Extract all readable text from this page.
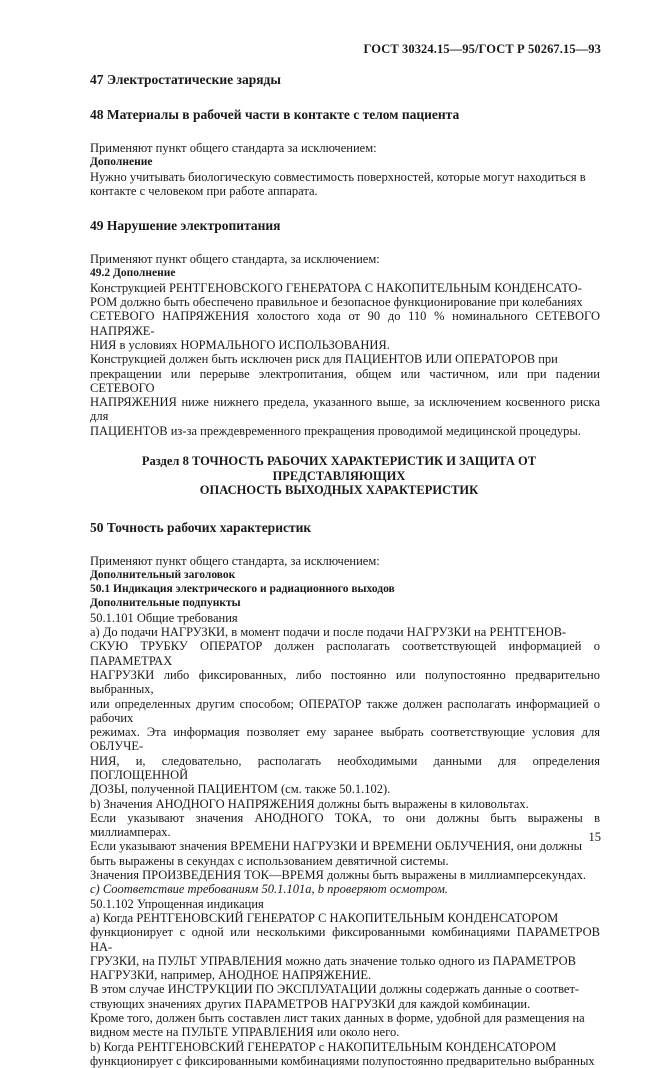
ГОСТ 30324.15—95/ГОСТ Р 50267.15—93
47 Электростатические заряды
48 Материалы в рабочей части в контакте с телом пациента

Применяют пункт общего стандарта за исключением:

Дополнение

Нужно учитывать биологическую совместимость поверхностей, которые могут находиться в

контакте с человеком при работе аппарата.

49 Нарушение электропитания

Применяют пункт общего стандарта, за исключением:

49.2 Дополнение

Конструкцией РЕНТГЕНОВСКОГО ГЕНЕРАТОРА С НАКОПИТЕЛЬНЫМ КОНДЕНСАТО-

РОМ должно быть обеспечено правильное и безопасное функционирование при колебаниях

СЕТЕВОГО НАПРЯЖЕНИЯ холостого хода от 90 до 110 % номинального СЕТЕВОГО НАПРЯЖЕ-

НИЯ в условиях НОРМАЛЬНОГО ИСПОЛЬЗОВАНИЯ.

Конструкцией должен быть исключен риск для ПАЦИЕНТОВ ИЛИ ОПЕРАТОРОВ при

прекращении или перерыве электропитания, общем или частичном, или при падении СЕТЕВОГО

НАПРЯЖЕНИЯ ниже нижнего предела, указанного выше, за исключением косвенного риска для

ПАЦИЕНТОВ из-за преждевременного прекращения проводимой медицинской процедуры.

Раздел 8 ТОЧНОСТЬ РАБОЧИХ ХАРАКТЕРИСТИК И ЗАЩИТА ОТ ПРЕДСТАВЛЯЮЩИХ
ОПАСНОСТЬ ВЫХОДНЫХ ХАРАКТЕРИСТИК
50 Точность рабочих характеристик

Применяют пункт общего стандарта, за исключением:

Дополнительный заголовок

50.1 Индикация электрического и радиационного выходов

Дополнительные подпункты

50.1.101 Общие требования

а) До подачи НАГРУЗКИ, в момент подачи и после подачи НАГРУЗКИ на РЕНТГЕНОВ-

СКУЮ ТРУБКУ ОПЕРАТОР должен располагать соответствующей информацией о ПАРАМЕТРАХ

НАГРУЗКИ либо фиксированных, либо постоянно или полупостоянно предварительно выбранных,

или определенных другим способом; ОПЕРАТОР также должен располагать информацией о рабочих

режимах. Эта информация позволяет ему заранее выбрать соответствующие условия для ОБЛУЧЕ-

НИЯ, и, следовательно, располагать необходимыми данными для определения ПОГЛОЩЕННОЙ

ДОЗЫ, полученной ПАЦИЕНТОМ (см. также 50.1.102).

b) Значения АНОДНОГО НАПРЯЖЕНИЯ должны быть выражены в киловольтах.

Если указывают значения АНОДНОГО ТОКА, то они должны быть выражены в миллиамперах.

Если указывают значения ВРЕМЕНИ НАГРУЗКИ И ВРЕМЕНИ ОБЛУЧЕНИЯ, они должны

быть выражены в секундах с использованием девятичной системы.

Значения ПРОИЗВЕДЕНИЯ ТОК—ВРЕМЯ должны быть выражены в миллиамперсекундах.

с) Соответствие требованиям 50.1.101а, b проверяют осмотром.

50.1.102 Упрощенная индикация

а) Когда РЕНТГЕНОВСКИЙ ГЕНЕРАТОР С НАКОПИТЕЛЬНЫМ КОНДЕНСАТОРОМ

функционирует с одной или несколькими фиксированными комбинациями ПАРАМЕТРОВ НА-

ГРУЗКИ, на ПУЛЬТ УПРАВЛЕНИЯ можно дать значение только одного из ПАРАМЕТРОВ

НАГРУЗКИ, например, АНОДНОЕ НАПРЯЖЕНИЕ.

В этом случае ИНСТРУКЦИИ ПО ЭКСПЛУАТАЦИИ должны содержать данные о соответ-

ствующих значениях других ПАРАМЕТРОВ НАГРУЗКИ для каждой комбинации.

Кроме того, должен быть составлен лист таких данных в форме, удобной для размещения на

видном месте на ПУЛЬТЕ УПРАВЛЕНИЯ или около него.

b) Когда РЕНТГЕНОВСКИЙ ГЕНЕРАТОР с НАКОПИТЕЛЬНЫМ КОНДЕНСАТОРОМ

функционирует с фиксированными комбинациями полупостоянно предварительно выбранных

15
